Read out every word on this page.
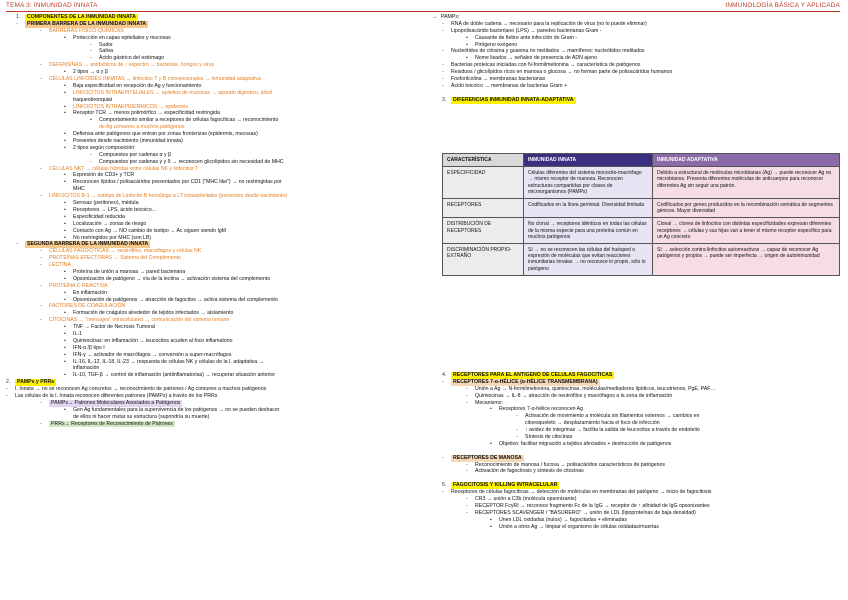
TEMA 3: INMUNIDAD INNATA	INMUNOLOGÍA BÁSICA Y APLICADA
1.	COMPONENTES DE LA INMUNIDAD INNATA
-	PRIMERA BARRERA DE LA INMUNIDAD INNATA
- BARRERAS FÍSICO-QUÍMICAS
▪ Protección en capas epiteliales y mucosas
- Sudor
- Saliva
- Ácido gástrico del estómago
- DEFENSINAS → antibióticos de ↑ espectro → bacterias, hongos y virus
▪ 2 tipos → α y β
- CÉLULAS LINFOIDES INNATAS → linfocitos T y B convencionales → inmunidad adaptativa
▪ Baja especificidad en recepción de Ag y funcionamiento
▪ LINFOCITOS INTRAEPITELIALES → epitelios de mucosas → aparato digestivo, árbol
traqueobronquial
▪ LINFOCITOS INTRAEPIDÉRMICOS → epidermis
▪ Receptor TCR → menos polimórfico → especificidad restringida
▪ Comportamiento similar a receptores de células fagocíticas → reconocimiento
de Ag comunes a muchos patógenos
▪ Defiensa ante patógenos que entran por zonas fronterizas (epidermis, mucosas)
▪ Presentes desde nacimiento (inmunidad innata)
▪ 2 tipos según composición:
- Compuestos por cadenas α y β
- Compuestos por cadenas γ y δ → reconocen glicolípidos sin necesidad de MHC
- CÉLULAS NKT → células híbridas entre células NK y linfocitos T
▪ Expresión de CD3+ y TCR
▪ Reconocen lípidos / polisacáridos presentados por CD1 ("MHC like") → no restringidas por
MHC
- LINFOCITOS B-1 → subtipo de Linfocito B homólogo a LT intraepiteliales (presentes desde nacimiento)
▪ Serosas (peritoneo), médula
▪ Receptores → LPS, ácido teicoico…
▪ Especificidad reducida
▪ Localización → zonas de riesgo
▪ Contacto con Ag → NO cambio de isotipo → Ac siguen siendo IgM
▪ No restringidos por MHC (son LB)
-	SEGUNDA BARRERA DE LA INMUNIDAD INNATA
- CÉLULAS FAGOCÍTICAS → neutrófilos, macrófagos y células NK
- PROTEÍNAS EFECTORAS → Sistema del Complemento
- LECTINA
▪ Proteína de unión a manosa → pared bacteriana
▪ Opsonización de patógeno → vía de la lectina → activación sistema del complemento
- PROTEÍNA C REACTIVA
▪ En inflamación
▪ Opsonización de patógenos → atracción de fagocitos → activa sistema del complemento
- FACTORES DE COAGULACIÓN
▪ Formación de coágulos alrededor de tejidos infectados → aislamiento
- CITOCINAS → "mensajes" intracelulares → comunicación del sistema inmune
▪ TNF → Factor de Necrosis Tumoral
▪ IL-1
▪ Quimiocinas: en inflamación → leucocitos acuden al foco inflamatorio
▪ IFN-α /β tipo I
▪ IFN-γ → activador de macrófagos → conversión a super-macrófagos
▪ IL-16, IL-12, IL-18, IL-23 → respuesta de células NK y células de la I. adaptativa →
inflamación
▪ IL-10, TGF-β → control de inflamación (antiinflamatorias) → recuperar situación anterior
2.	PAMPs y PRRs
- I. Innata → no se reconocen Ag concretos → reconocimiento de patrones / Ag comunes a muchos patógenos
- Las células de la I. Innata reconocen diferentes patrones (PAMPs) a través de los PRRs
-	PAMPs→ Patrones Moleculares Asociados a Patógenos
▪ Gen Ag fundamentales para la supervivencia de los patógenos → no se pueden deshacer
de ellos ni hacer mutar su estructura (supondría su muerte)
-	PRRs→ Receptores de Reconocimiento de Patrones
→ PAMPs:
- RNA de doble cadena → necesario para la replicación de virus (no lo puede eliminar)
- Lipopolisacárido bacteriano (LPS) → paredes bacterianas Gram -
▪ Causante de fiebre ante infección de Gram -
▪ Pirógeno exógeno
- Nucleótidos de citosina y guanina no metilados → mamíferos: nucleótidos metilados
▪ Nome lisados → señales de presencia de ADN ajeno
- Bacterias proteicas iniciadas con N-formilmetionina → característica de patógenos
- Residuos / glicolípidos ricos en manosa o glucosa → no forman parte de polisacáridos humanos
- Fosforilcolina → membranas bacterianas
- Ácido teicoico → membranas de bacterias Gram +
3.	DIFERENCIAS INMUNIDAD INNATA-ADAPTATIVA
CARACTERÍSTICA	INMUNIDAD INNATA	INMUNIDAD ADAPTATIVA
ESPECIFICIDAD	Células diferentes del sistema monocito-macrófago → mismo receptor de manosa. Reconocen estructuras compartidas por clases de microorganismos (PAMPs)	Debido a estructural de moléculas microbianas (Ag) → puede reconocer Ag no microbianos. Presenta diferentes moléculas de anticuerpos para reconocer diferentes Ag sin seguir una patrón.
RECEPTORES	Codificados en la línea germinal. Diversidad limitada	Codificados por genes producidos en la recombinación somática de segmentos génicos. Mayor diversidad
DISTRIBUCIÓN DE RECEPTORES	No clonal → receptores idénticos en todas las células de la misma especie para una proteína común en muchos patógenos	Clonal → clones de linfocitos con distintas especificidades expresan diferentes receptores → células y sus hijas van a tener el mismo receptor específico para un Ag concreto
DISCRIMINACIÓN PROPIO-EXTRAÑO	Sí → no se reconocen las células del huésped o expresión de moléculas que evitan reacciones inmunitarias innatas → no reconoce lo propio, sólo lo patógeno	Sí → selección contra linfocitos autorreactivos → capaz de reconocer Ag patógenos y propios → puede ser imperfecta → origen de autoinmunidad
4.	RECEPTORES PARA EL ANTÍGENO DE CÉLULAS FAGOCÍTICAS
-	RECEPTORES 7-α-HÉLICE (α-HÉLICE TRANSMEMBRANA)
- Unión a Ag → N-formilmetionina, quimiocinas, moléculas/mediadores lipídicos, leucotrienos, PgE, PAF…
- Quimiocinas → IL-8 → atracción de neutrófilos y macrófagos a la zona de inflamación
- Mecanismo:
▪ Receptores 7-α-hélice reconocen Ag
- Activación de movimiento a molécula sin filamentos externos → cambios en
citoesqueleto → desplazamiento hacia el foco de infección
- ↑ avidez de integrinas → facilita la salida de leucocitos a través de endotelio
- Síntesis de citocinas
▪ Objetivo: facilitar migración a tejidos afectados + destrucción de patógenos
-	RECEPTORES DE MANOSA
- Reconocimiento de manosa / fucosa → polisacáridos característicos de patógenos
- Activación de fagocitosis y síntesis de citocinas
5.	FAGOCITOSIS Y KILLING INTRACELULAR
- Receptores de células fagocíticas → detección de moléculas en membranas del patógeno → inicio de fagocitosis
- CR3 → unión a C3b (molécula opsonizante)
- RECEPTOR FcγRI → reconoce fragmento Fc de la IgG → receptor de ↑ afinidad de IgG opsonizantes
- RECEPTORES SCAVENGER / "BASURERO" → unión de LDL (lipoproteínas de baja densidad)
▪ Unen LDL oxidadas (nulos) → fagocitadas + eliminadas
▪ Unión a otros Ag → limpiar el organismo de células oxidadas/muertas
